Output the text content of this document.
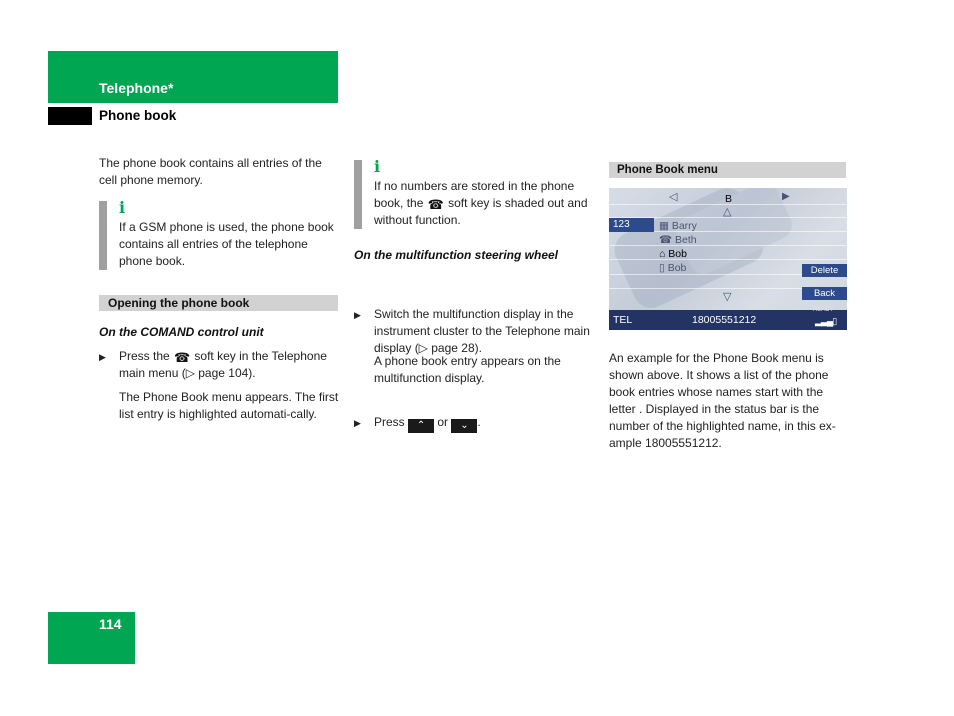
Telephone*
Phone book
The phone book contains all entries of the cell phone memory.
i
If a GSM phone is used, the phone book contains all entries of the telephone phone book.
Opening the phone book
On the COMAND control unit
▶ Press the ☎ soft key in the Telephone main menu (▷ page 104).
The Phone Book menu appears. The first list entry is highlighted automati-cally.
i
If no numbers are stored in the phone book, the ☎ soft key is shaded out and without function.
On the multifunction steering wheel
▶ Switch the multifunction display in the instrument cluster to the Telephone main display (▷ page 28).
▶ Press ⌃ or ⌄ .
A phone book entry appears on the multifunction display.
Phone Book menu
◁	B	▶
△
123	▦ Barry
☎ Beth
⌂ Bob
▯ Bob	Delete
Back
▽
TEL	18005551212
READY
▂▃▄▯
An example for the Phone Book menu is shown above. It shows a list of the phone book entries whose names start with the letter . Displayed in the status bar is the number of the highlighted name, in this ex-ample 18005551212.
114
